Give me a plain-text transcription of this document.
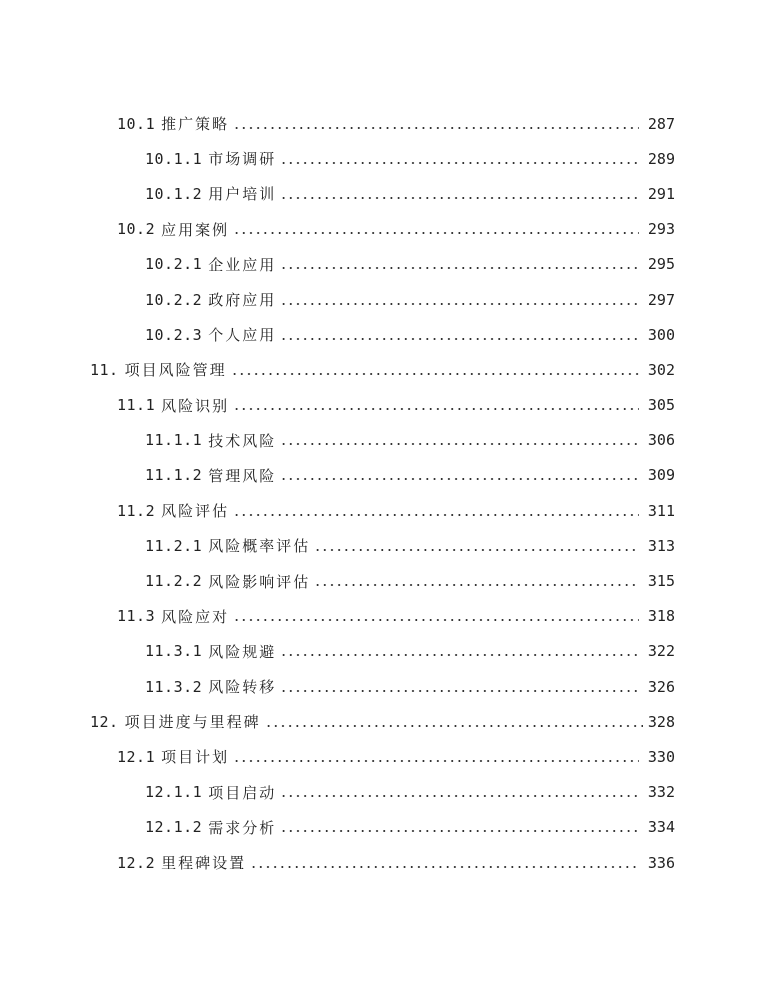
10.1 推广策略	287
10.1.1 市场调研	289
10.1.2 用户培训	291
10.2 应用案例	293
10.2.1 企业应用	295
10.2.2 政府应用	297
10.2.3 个人应用	300
11. 项目风险管理	302
11.1 风险识别	305
11.1.1 技术风险	306
11.1.2 管理风险	309
11.2 风险评估	311
11.2.1 风险概率评估	313
11.2.2 风险影响评估	315
11.3 风险应对	318
11.3.1 风险规避	322
11.3.2 风险转移	326
12. 项目进度与里程碑	328
12.1 项目计划	330
12.1.1 项目启动	332
12.1.2 需求分析	334
12.2 里程碑设置	336
